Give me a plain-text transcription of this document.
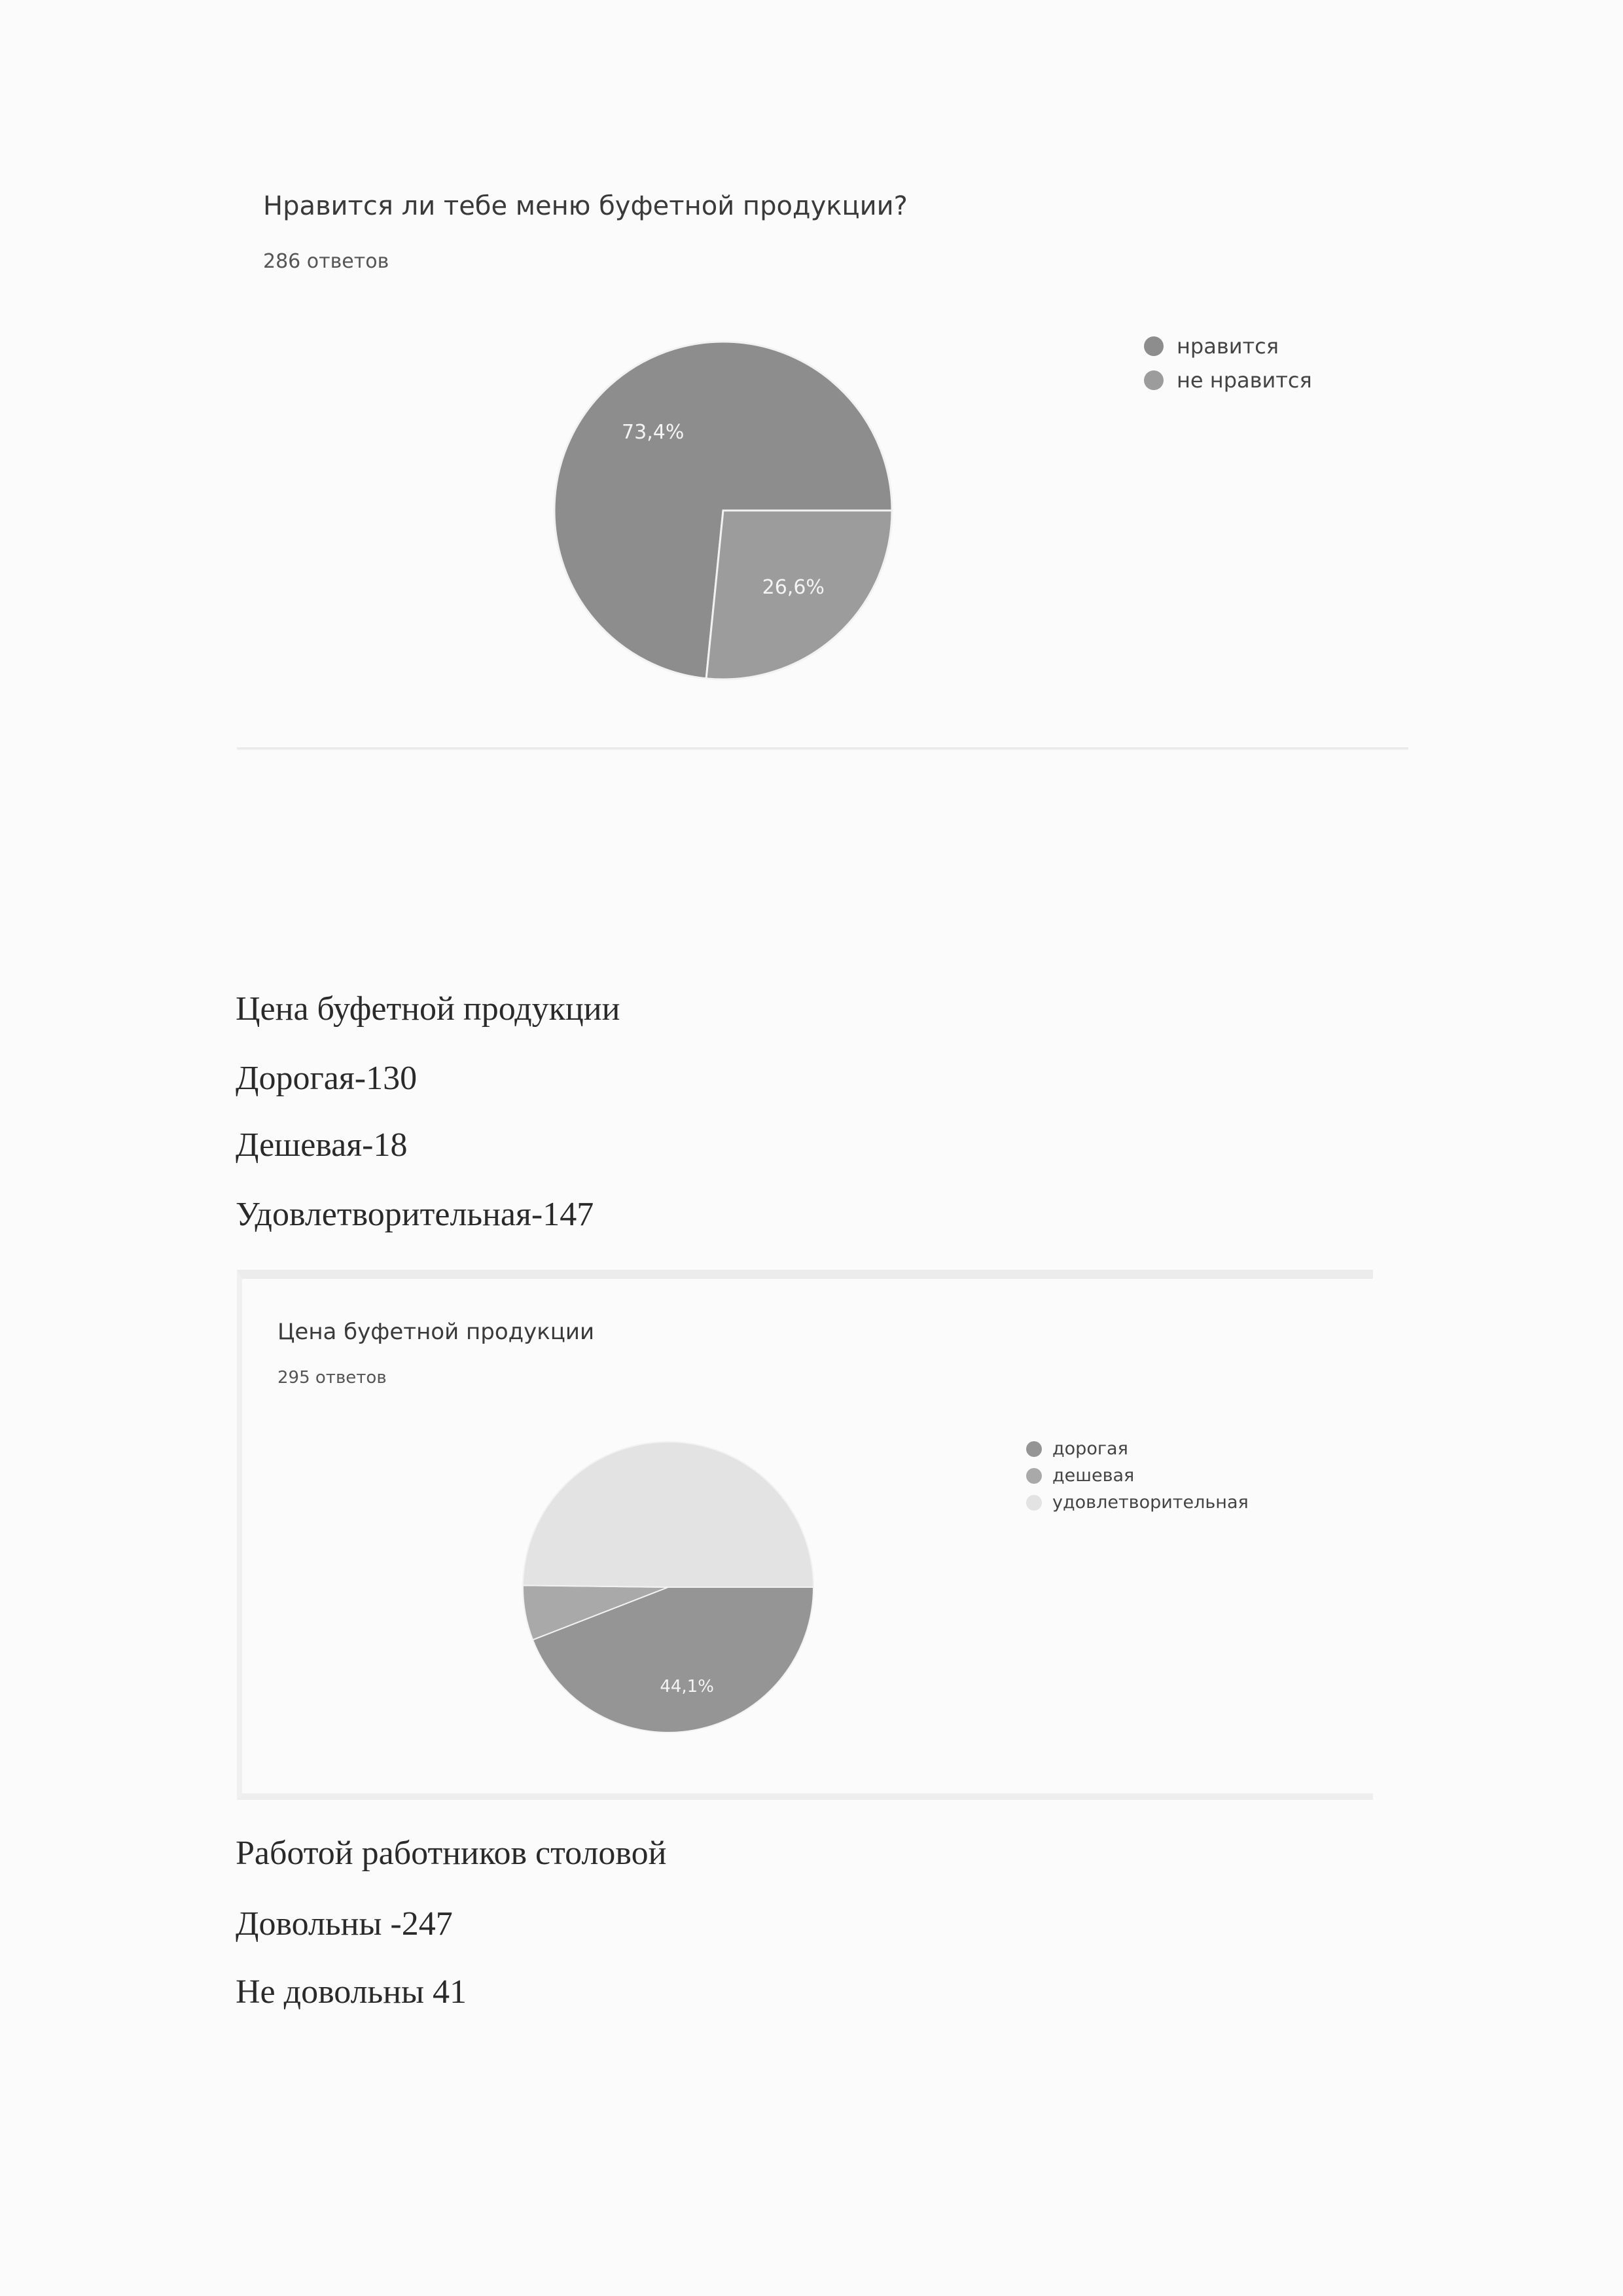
Нравится ли тебе меню буфетной продукции?
286 ответов
73,4%
26,6%
нравится
не нравится
Цена буфетной продукции
Дорогая-130
Дешевая-18
Удовлетворительная-147
Цена буфетной продукции
295 ответов
44,1%
дорогая
дешевая
удовлетворительная
Работой работников столовой
Довольны -247
Не довольны 41
